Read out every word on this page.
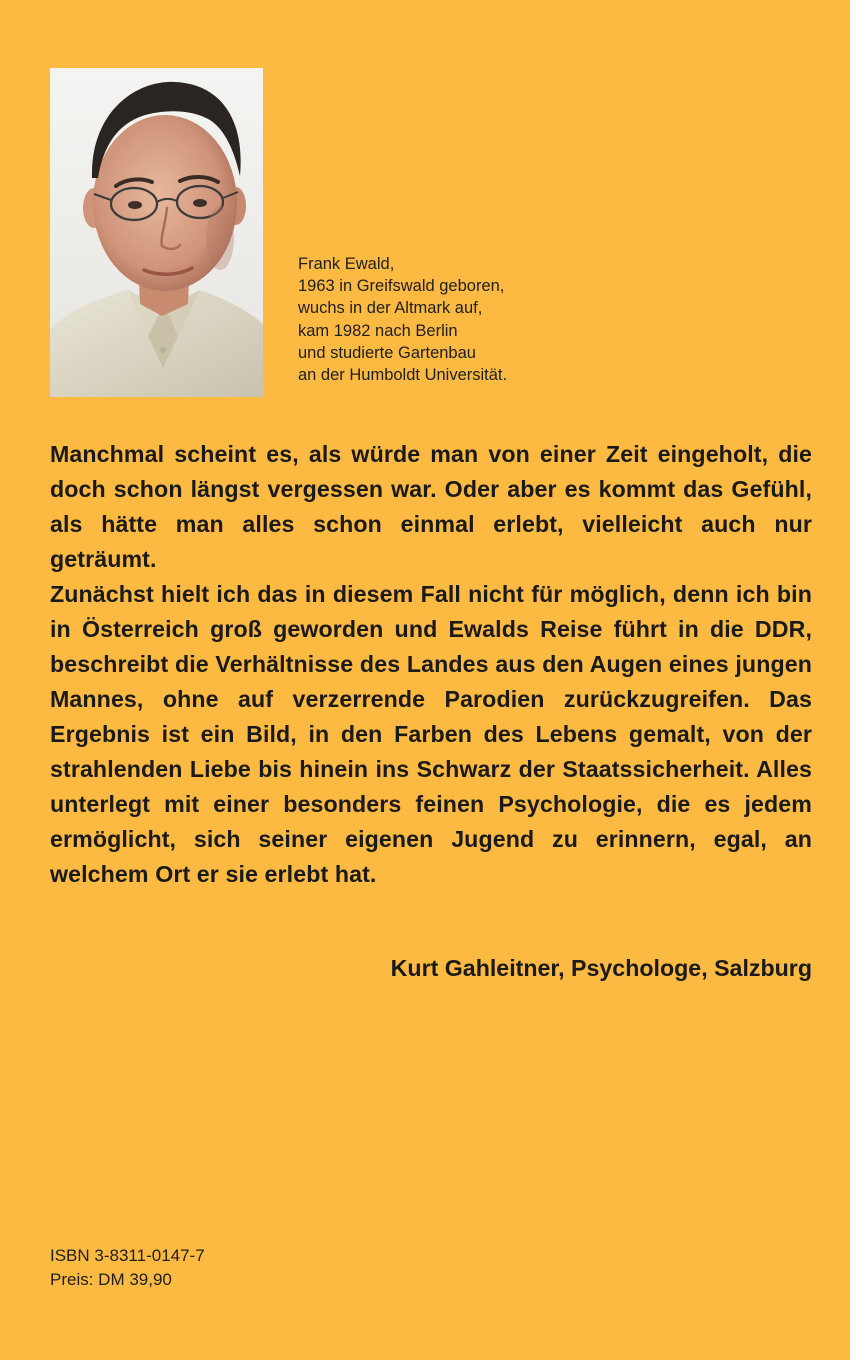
Frank Ewald,
1963 in Greifswald geboren,
wuchs in der Altmark auf,
kam 1982 nach Berlin
und studierte Gartenbau
an der Humboldt Universität.

Manchmal scheint es, als würde man von einer Zeit eingeholt, die doch schon längst vergessen war. Oder aber es kommt das Gefühl, als hätte man alles schon einmal erlebt, vielleicht auch nur geträumt.

Zunächst hielt ich das in diesem Fall nicht für möglich, denn ich bin in Österreich groß geworden und Ewalds Reise führt in die DDR, beschreibt die Verhältnisse des Landes aus den Augen eines jungen Mannes, ohne auf verzerrende Parodien zurückzugreifen. Das Ergebnis ist ein Bild, in den Farben des Lebens gemalt, von der strahlenden Liebe bis hinein ins Schwarz der Staatssicherheit. Alles unterlegt mit einer besonders feinen Psychologie, die es jedem ermöglicht, sich seiner eigenen Jugend zu erinnern, egal, an welchem Ort er sie erlebt hat.

Kurt Gahleitner, Psychologe, Salzburg
ISBN 3-8311-0147-7
Preis: DM 39,90
